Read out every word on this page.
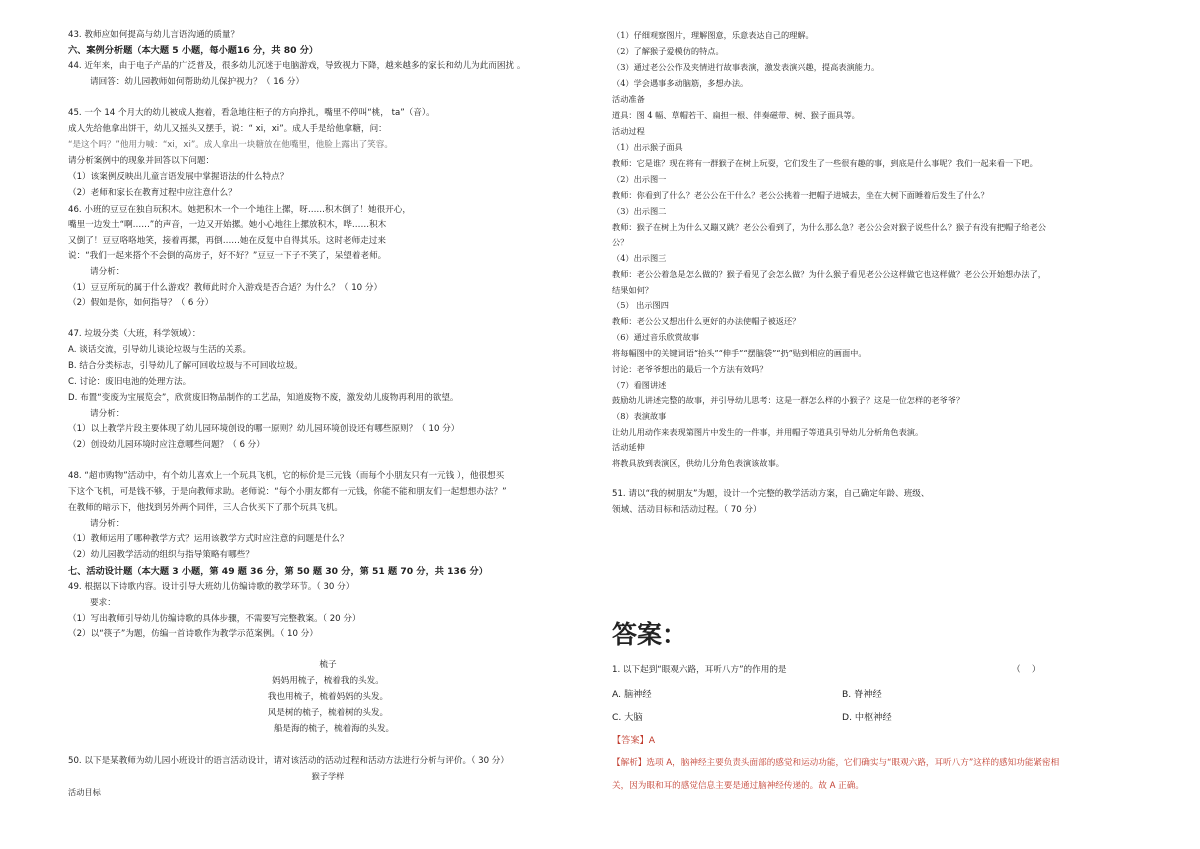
43. 教师应如何提高与幼儿言语沟通的质量？
六、案例分析题（本大题 5 小题，每小题16 分，共 80 分）
44. 近年来，由于电子产品的广泛普及，很多幼儿沉迷于电脑游戏，导致视力下降，越来越多的家长和幼儿为此而困扰 。
请回答：幼儿园教师如何帮助幼儿保护视力？（ 16 分）
45. 一个 14 个月大的幼儿被成人抱着，看急地往柜子的方向挣扎，嘴里不停叫“桃， ta”（音）。
成人先给他拿出饼干，幼儿又摇头又摆手，说：“ xi，xi”。成人手是给他拿糖，问：
“是这个吗？”他用力喊：“xi，xi”。成人拿出一块糖放在他嘴里，他脸上露出了笑容。
请分析案例中的现象并回答以下问题：
（1）该案例反映出儿童言语发展中掌握语法的什么特点？
（2）老师和家长在教育过程中应注意什么？
46. 小班的豆豆在独自玩积木。她把积木一个一个地往上摞，呀……积木倒了！她很开心，
嘴里一边发土“啊……”的声音，一边又开始摞。她小心地往上摞放积木，哗……积木
又倒了！豆豆咯咯地笑，接着再摞，再倒……她在反复中自得其乐。这时老师走过来
说：“我们一起来搭个不会倒的高房子，好不好？”豆豆一下子不笑了，呆望着老师。
请分析：
（1）豆豆所玩的属于什么游戏？教师此时介入游戏是否合适？为什么？（ 10 分）
（2）假如是你，如何指导？（ 6 分）
47. 垃圾分类（大班，科学领域）：
A. 谈话交流，引导幼儿谈论垃圾与生活的关系。
B. 结合分类标志，引导幼儿了解可回收垃圾与不可回收垃圾。
C. 讨论：废旧电池的处理方法。
D. 布置“变废为宝展览会”，欣赏废旧物品制作的工艺品，知道废物不废，激发幼儿废物再利用的欲望。
请分析：
（1）以上教学片段主要体现了幼儿园环境创设的哪一原则？幼儿园环境创设还有哪些原则？（ 10 分）
（2）创设幼儿园环境时应注意哪些问题？（ 6 分）
48. “超市购物”活动中，有个幼儿喜欢上一个玩具飞机，它的标价是三元钱（而每个小朋友只有一元钱 ），他很想买
下这个飞机，可是钱不够，于是向教师求助。老师说：“每个小朋友都有一元钱，你能不能和朋友们一起想想办法？”
在教师的暗示下，他找到另外两个同伴，三人合伙买下了那个玩具飞机。
请分析：
（1）教师运用了哪种教学方式？运用该教学方式时应注意的问题是什么？
（2）幼儿园教学活动的组织与指导策略有哪些？
七、活动设计题（本大题 3 小题，第 49 题 36 分，第 50 题 30 分，第 51 题 70 分，共 136 分）
49. 根据以下诗歌内容。设计引导大班幼儿仿编诗歌的教学环节。（ 30 分）
要求：
（1）写出教师引导幼儿仿编诗歌的具体步骤，不需要写完整教案。（ 20 分）
（2）以“筷子”为题，仿编一首诗歌作为教学示范案例。（ 10 分）
梳子
妈妈用梳子，梳着我的头发。
我也用梳子，梳着妈妈的头发。
风是树的梳子，梳着树的头发。
船是海的梳子，梳着海的头发。
50. 以下是某教师为幼儿园小班设计的语言活动设计，请对该活动的活动过程和活动方法进行分析与评价。（ 30 分）
猴子学样
活动目标
（1）仔细观察图片，理解图意，乐意表达自己的理解。
（2）了解猴子爱模仿的特点。
（3）通过老公公作及夹情进行故事表演，激发表演兴趣，提高表演能力。
（4）学会遇事多动脑筋，多想办法。
活动准备
道具：图 4 幅、草帽若干、扁担一根、伴奏磁带、树、猴子面具等。
活动过程
（1）出示猴子面具
教师：它是谁？现在将有一群猴子在树上玩耍，它们发生了一些很有趣的事，到底是什么事呢？我们一起来看一下吧。
（2）出示图一
教师：你看到了什么？老公公在干什么？老公公挑着一把帽子进城去，坐在大树下面睡着后发生了什么？
（3）出示图二
教师：猴子在树上为什么又蹦又跳？老公公看到了，为什么那么急？老公公会对猴子说些什么？猴子有没有把帽子给老公
公？
（4）出示图三
教师：老公公着急是怎么做的？猴子看见了会怎么做？为什么猴子看见老公公这样做它也这样做？老公公开始想办法了，
结果如何？
（5） 出示图四
教师：老公公又想出什么更好的办法使帽子被返还？
（6）通过音乐欣赏故事
将每幅图中的关键词语“抬头”“伸手”“摆脑袋”“扔”贴到相应的画面中。
讨论：老爷爷想出的最后一个方法有效吗？
（7）看图讲述
鼓励幼儿讲述完整的故事，并引导幼儿思考：这是一群怎么样的小猴子？这是一位怎样的老爷爷？
（8）表演故事
让幼儿用动作来表现第图片中发生的一件事，并用帽子等道具引导幼儿分析角色表演。
活动延伸
将教具放到表演区，供幼儿分角色表演该故事。
51. 请以“我的树朋友”为题，设计一个完整的教学活动方案，自己确定年龄、班级、
领域、活动目标和活动过程。（ 70 分）
答案：
1. 以下起到“眼观六路，耳听八方”的作用的是	（　 ）
A. 脑神经	B. 脊神经
C. 大脑	D. 中枢神经
【答案】A
【解析】选项 A，脑神经主要负责头面部的感觉和运动功能，它们确实与“眼观六路，耳听八方”这样的感知功能紧密相
关，因为眼和耳的感觉信息主要是通过脑神经传递的。故 A 正确。
